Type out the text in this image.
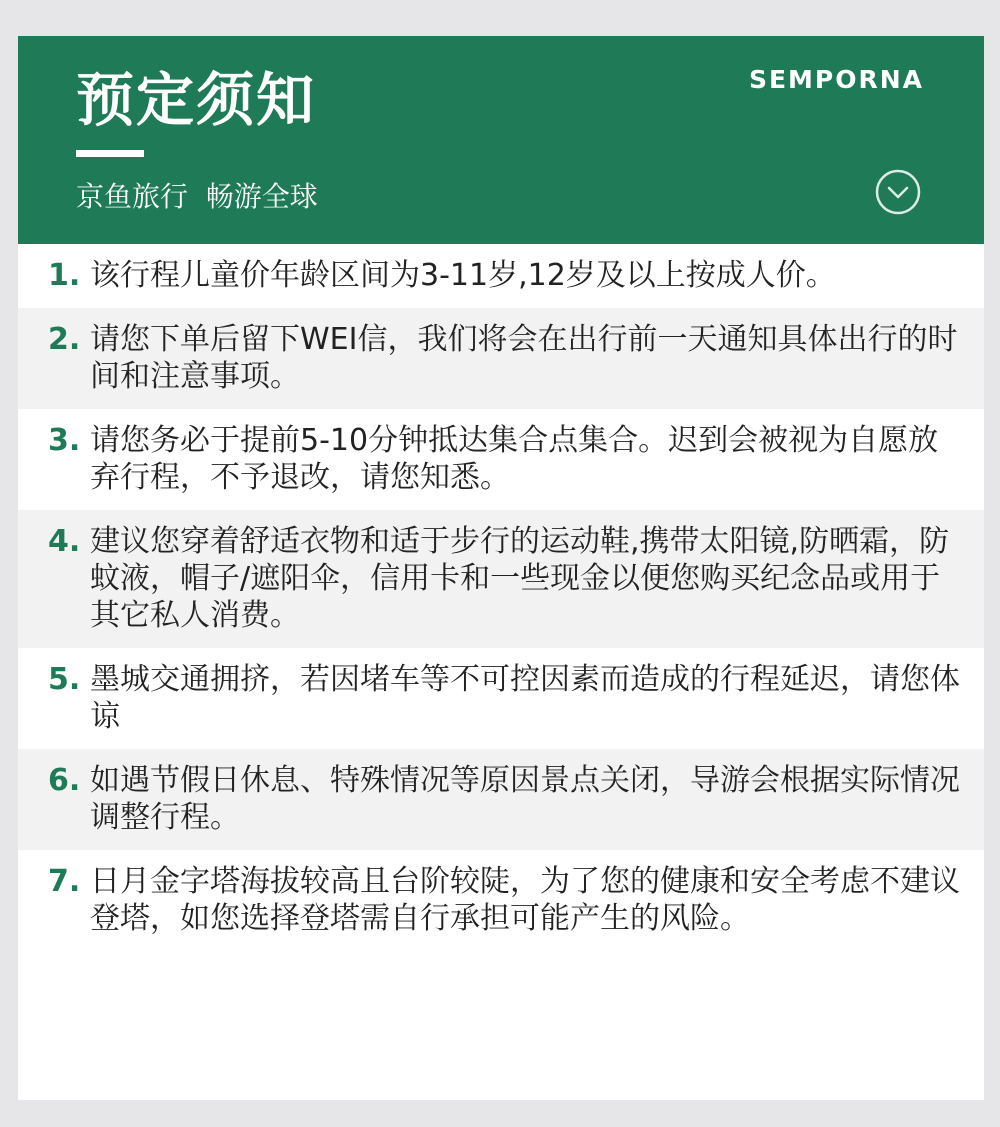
预定须知
京鱼旅行  畅游全球
SEMPORNA
1. 该行程儿童价年龄区间为3-11岁,12岁及以上按成人价。
2. 请您下单后留下WEI信，我们将会在出行前一天通知具体出行的时间和注意事项。
3. 请您务必于提前5-10分钟抵达集合点集合。迟到会被视为自愿放弃行程，不予退改，请您知悉。
4. 建议您穿着舒适衣物和适于步行的运动鞋,携带太阳镜,防晒霜，防蚊液，帽子/遮阳伞，信用卡和一些现金以便您购买纪念品或用于其它私人消费。
5. 墨城交通拥挤，若因堵车等不可控因素而造成的行程延迟，请您体谅
6. 如遇节假日休息、特殊情况等原因景点关闭，导游会根据实际情况调整行程。
7. 日月金字塔海拔较高且台阶较陡，为了您的健康和安全考虑不建议登塔，如您选择登塔需自行承担可能产生的风险。
